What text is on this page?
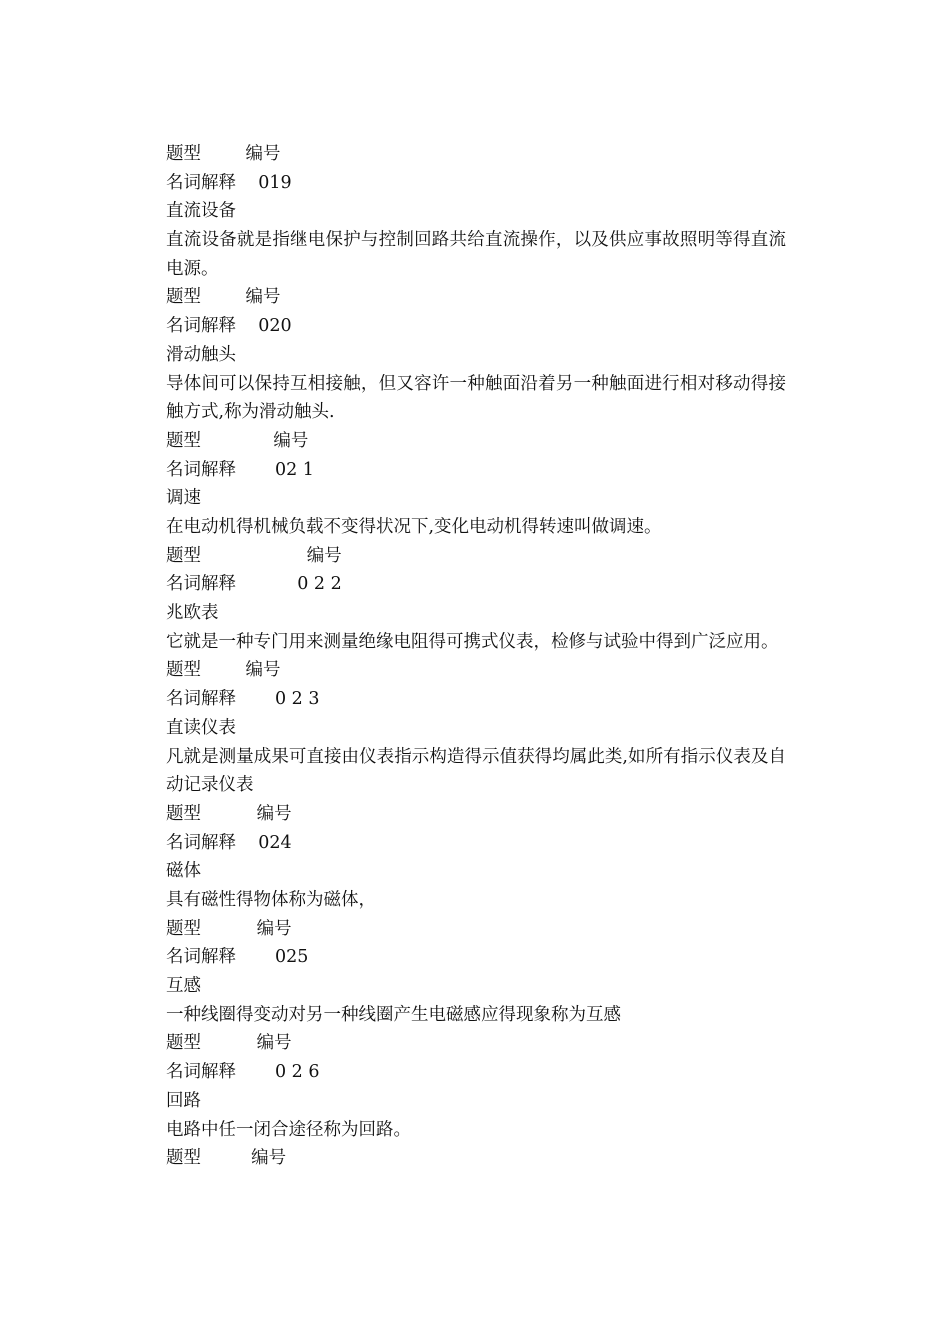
题型        编号
名词解释    019
直流设备
直流设备就是指继电保护与控制回路共给直流操作，以及供应事故照明等得直流电源。
题型        编号
名词解释    020
滑动触头
导体间可以保持互相接触，但又容许一种触面沿着另一种触面进行相对移动得接触方式,称为滑动触头.
题型             编号
名词解释       02 1
调速
在电动机得机械负载不变得状况下,变化电动机得转速叫做调速。
题型                   编号
名词解释           0 2 2
兆欧表
它就是一种专门用来测量绝缘电阻得可携式仪表，检修与试验中得到广泛应用。
题型        编号
名词解释       0 2 3
直读仪表
凡就是测量成果可直接由仪表指示构造得示值获得均属此类,如所有指示仪表及自动记录仪表
题型          编号
名词解释    024
磁体
具有磁性得物体称为磁体，
题型          编号
名词解释       025
互感
一种线圈得变动对另一种线圈产生电磁感应得现象称为互感
题型          编号
名词解释       0 2 6
回路
电路中任一闭合途径称为回路。
题型         编号
